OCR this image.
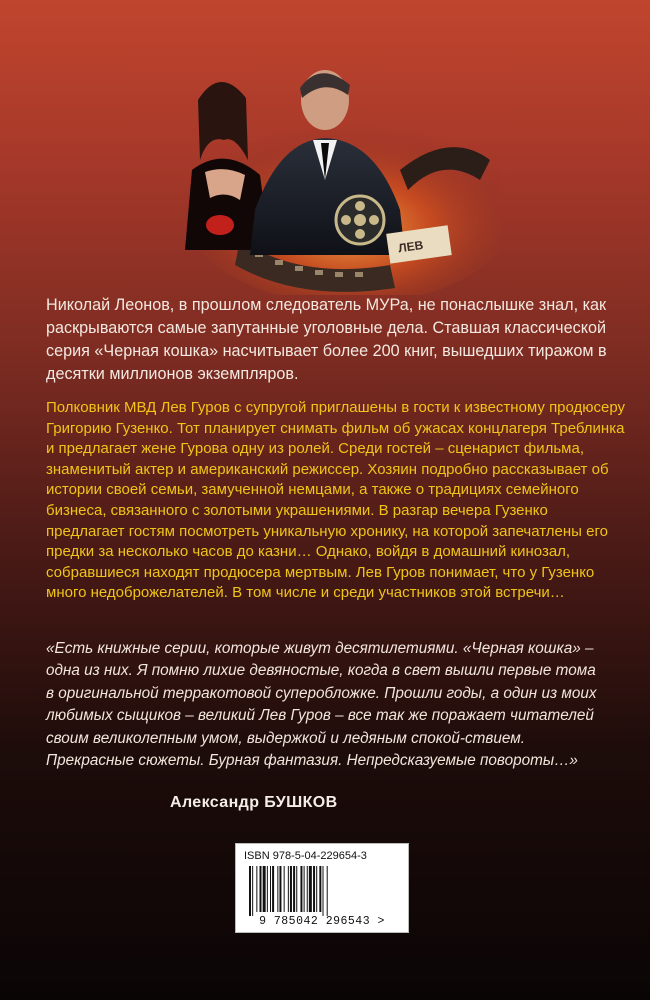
ЛЕВ
Николай Леонов, в прошлом следователь МУРа, не понаслышке знал, как раскрываются самые запутанные уголовные дела. Ставшая классической серия «Черная кошка» насчитывает более 200 книг, вышедших тиражом в десятки миллионов экземпляров.
Полковник МВД Лев Гуров с супругой приглашены в гости к известному продюсеру Григорию Гузенко. Тот планирует снимать фильм об ужасах концлагеря Треблинка и предлагает жене Гурова одну из ролей. Среди гостей – сценарист фильма, знаменитый актер и американский режиссер. Хозяин подробно рассказывает об истории своей семьи, замученной немцами, а также о традициях семейного бизнеса, связанного с золотыми украшениями. В разгар вечера Гузенко предлагает гостям посмотреть уникальную хронику, на которой запечатлены его предки за несколько часов до казни… Однако, войдя в домашний кинозал, собравшиеся находят продюсера мертвым. Лев Гуров понимает, что у Гузенко много недоброжелателей. В том числе и среди участников этой встречи…
«Есть книжные серии, которые живут десятилетиями. «Черная кошка» – одна из них. Я помню лихие девяностые, когда в свет вышли первые тома в оригинальной терракотовой суперобложке. Прошли годы, а один из моих любимых сыщиков – великий Лев Гуров – все так же поражает читателей своим великолепным умом, выдержкой и ледяным спокой-ствием. Прекрасные сюжеты. Бурная фантазия. Непредсказуемые повороты…»
Александр БУШКОВ
ISBN 978-5-04-229654-3
9 785042 296543 >
